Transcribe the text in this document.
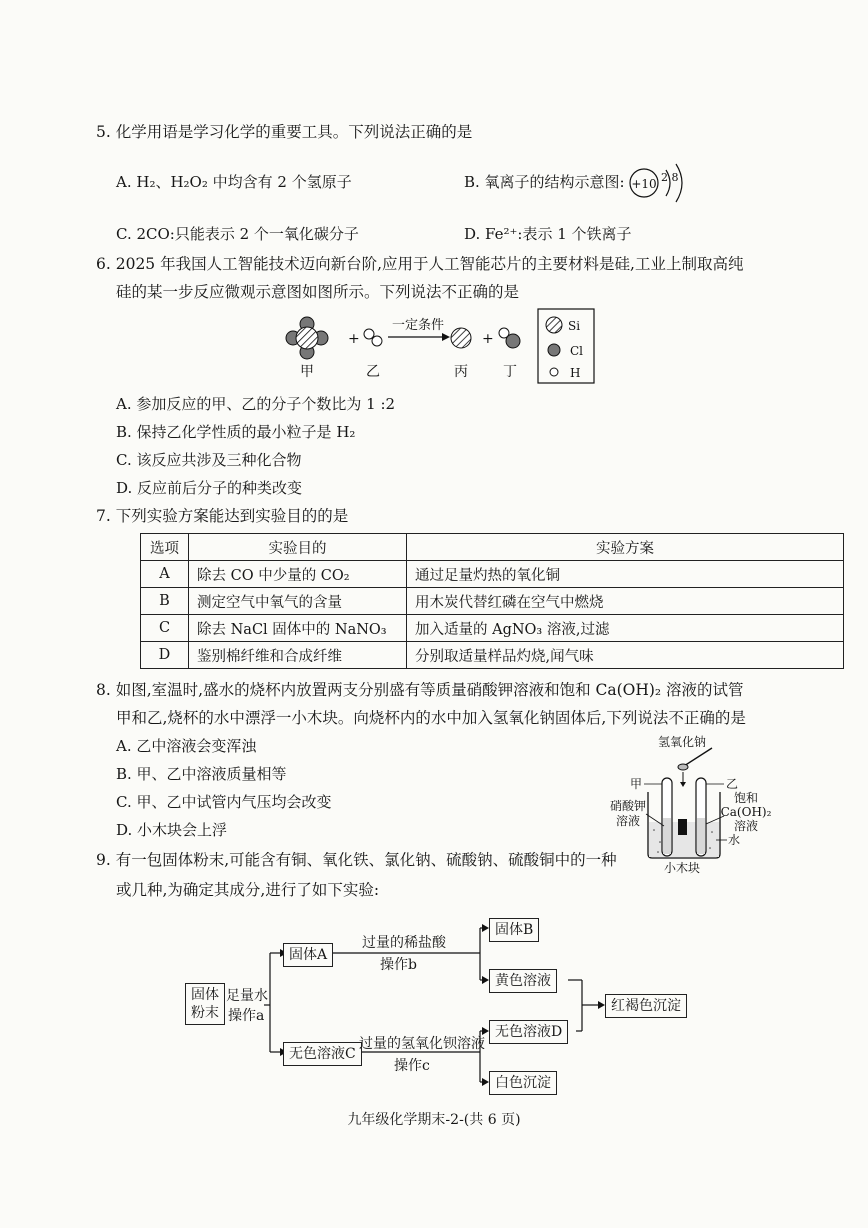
5. 化学用语是学习化学的重要工具。下列说法正确的是
A. H₂、H₂O₂ 中均含有 2 个氢原子	B. 氧离子的结构示意图: +10 2 8
C. 2CO:只能表示 2 个一氧化碳分子	D. Fe²⁺:表示 1 个铁离子
6. 2025 年我国人工智能技术迈向新台阶,应用于人工智能芯片的主要材料是硅,工业上制取高纯
硅的某一步反应微观示意图如图所示。下列说法不正确的是
+
一定条件
+
甲	乙	丙	丁
Si
Cl
H
A. 参加反应的甲、乙的分子个数比为 1 :2
B. 保持乙化学性质的最小粒子是 H₂
C. 该反应共涉及三种化合物
D. 反应前后分子的种类改变
7. 下列实验方案能达到实验目的的是
选项	实验目的	实验方案
A	除去 CO 中少量的 CO₂	通过足量灼热的氧化铜
B	测定空气中氧气的含量	用木炭代替红磷在空气中燃烧
C	除去 NaCl 固体中的 NaNO₃	加入适量的 AgNO₃ 溶液,过滤
D	鉴别棉纤维和合成纤维	分别取适量样品灼烧,闻气味
8. 如图,室温时,盛水的烧杯内放置两支分别盛有等质量硝酸钾溶液和饱和 Ca(OH)₂ 溶液的试管
甲和乙,烧杯的水中漂浮一小木块。向烧杯内的水中加入氢氧化钠固体后,下列说法不正确的是
A. 乙中溶液会变浑浊
B. 甲、乙中溶液质量相等
C. 甲、乙中试管内气压均会改变
D. 小木块会上浮
氢氧化钠
甲	乙
硝酸钾
溶液
饱和
Ca(OH)₂
溶液
水
小木块
9. 有一包固体粉末,可能含有铜、氧化铁、氯化钠、硫酸钠、硫酸铜中的一种
或几种,为确定其成分,进行了如下实验:
固体
粉末
足量水
操作a
固体A
过量的稀盐酸
操作b
固体B
黄色溶液
红褐色沉淀
无色溶液C
过量的氢氧化钡溶液
操作c
无色溶液D
白色沉淀
九年级化学期末-2-(共 6 页)
